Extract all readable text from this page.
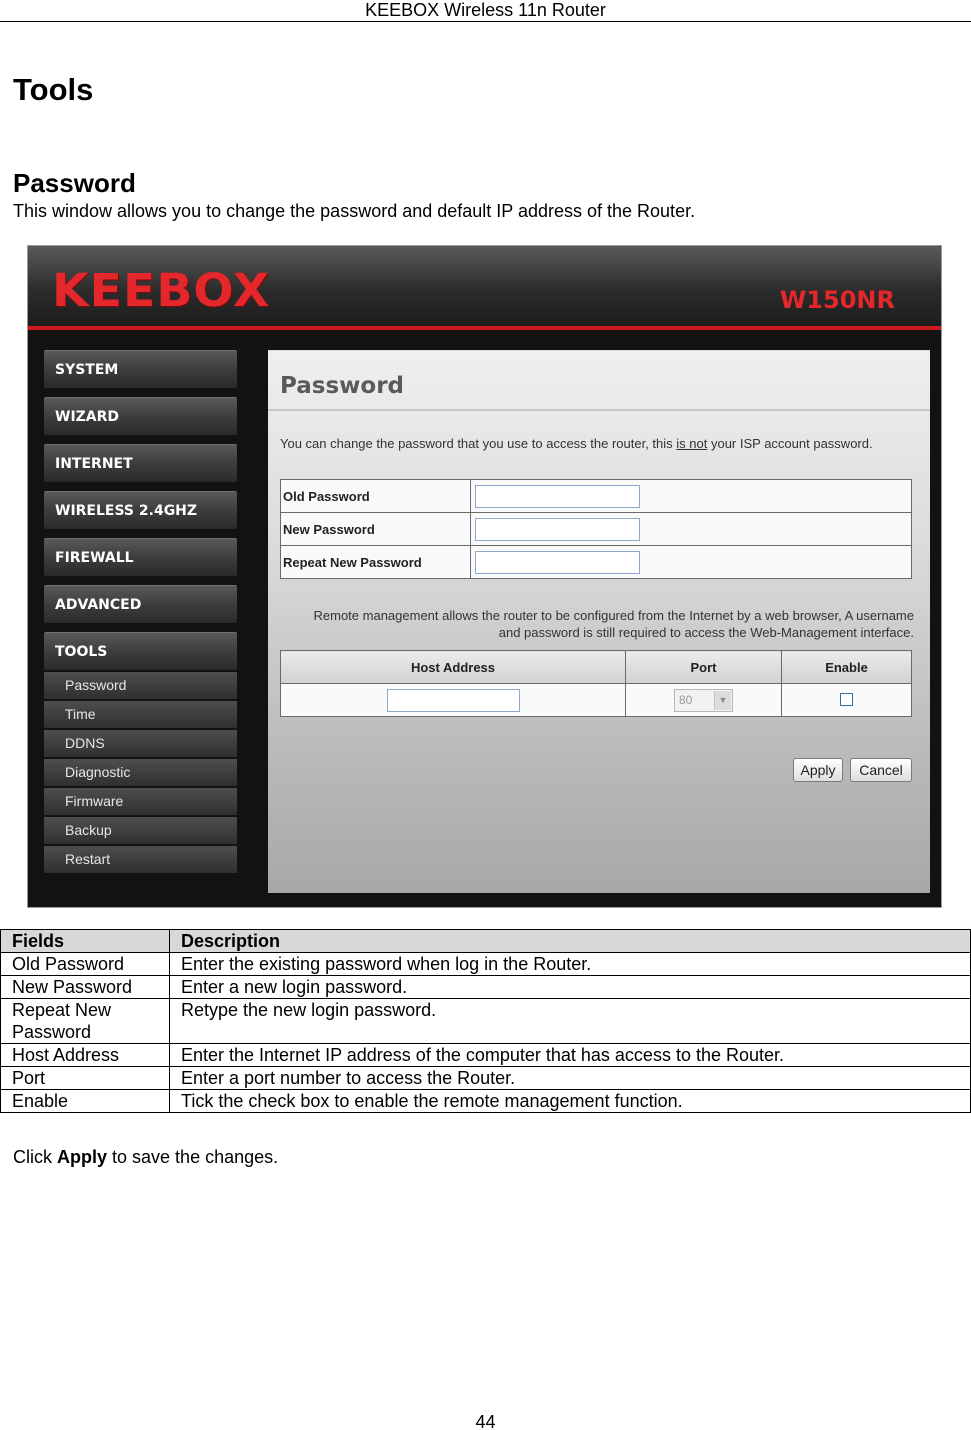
KEEBOX Wireless 11n Router
Tools
Password
This window allows you to change the password and default IP address of the Router.
KEEBOX	W150NR
SYSTEM
WIZARD
INTERNET
WIRELESS 2.4GHZ
FIREWALL
ADVANCED
TOOLS
Password
Time
DDNS
Diagnostic
Firmware
Backup
Restart
Password
You can change the password that you use to access the router, this is not your ISP account password.
Old Password	
New Password	
Repeat New Password	
Remote management allows the router to be configured from the Internet by a web browser, A username and password is still required to access the Web-Management interface.
Host Address	Port	Enable
	80 ▼	

Apply	Cancel
Fields	Description
Old Password	Enter the existing password when log in the Router.
New Password	Enter a new login password.
Repeat New Password	Retype the new login password.
Host Address	Enter the Internet IP address of the computer that has access to the Router.
Port	Enter a port number to access the Router.
Enable	Tick the check box to enable the remote management function.
Click Apply to save the changes.
44
